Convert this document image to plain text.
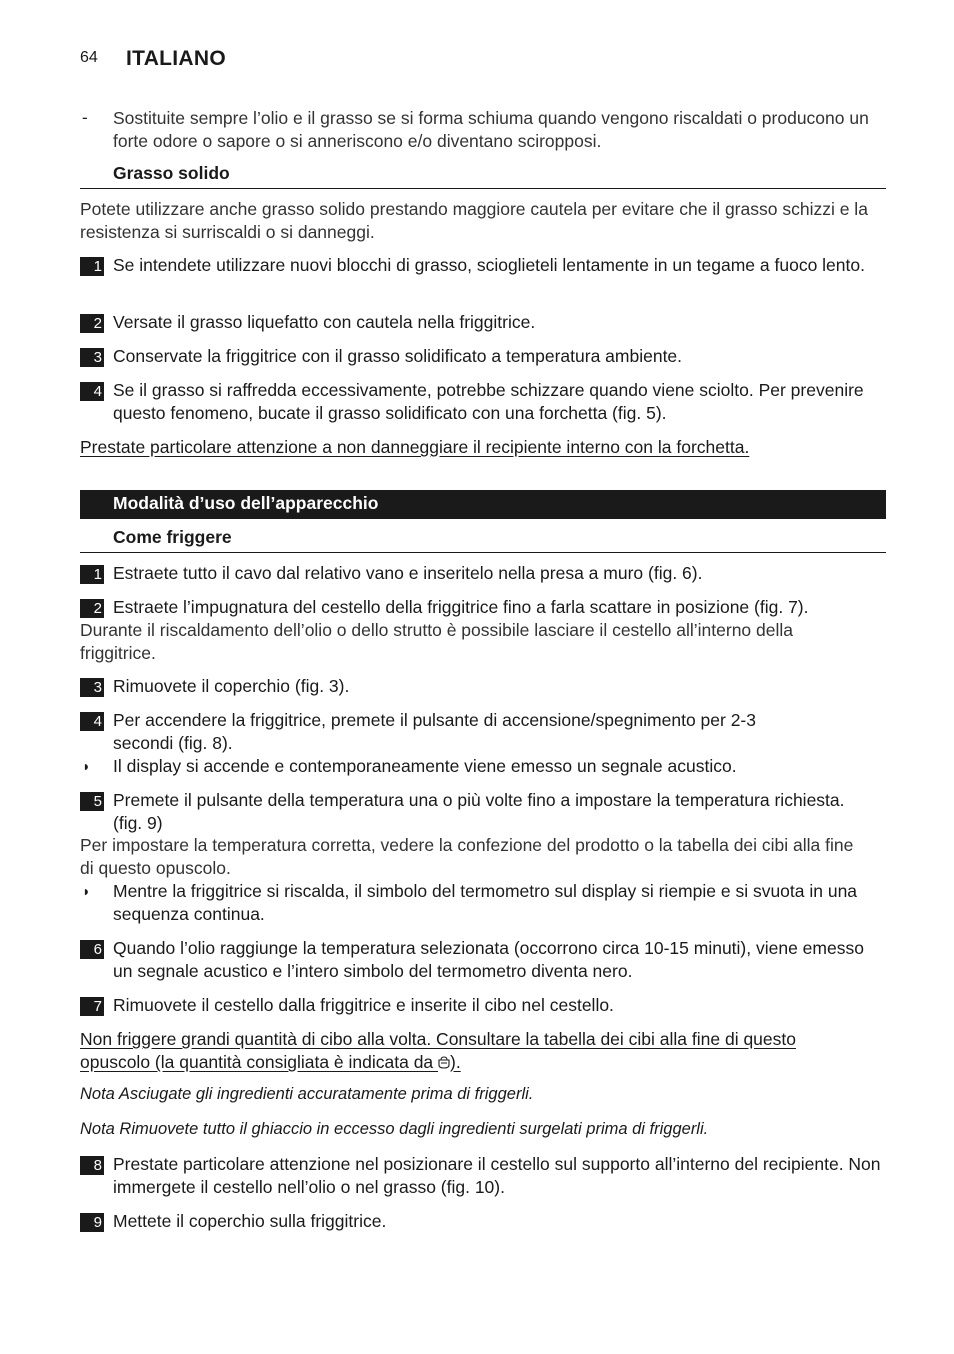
64 ITALIANO
- Sostituite sempre l’olio e il grasso se si forma schiuma quando vengono riscaldati o producono un forte odore o sapore o si anneriscono e/o diventano sciropposi.
Grasso solido
Potete utilizzare anche grasso solido prestando maggiore cautela per evitare che il grasso schizzi e la resistenza si surriscaldi o si danneggi.
1 Se intendete utilizzare nuovi blocchi di grasso, scioglieteli lentamente in un tegame a fuoco lento.
2 Versate il grasso liquefatto con cautela nella friggitrice.
3 Conservate la friggitrice con il grasso solidificato a temperatura ambiente.
4 Se il grasso si raffredda eccessivamente, potrebbe schizzare quando viene sciolto. Per prevenire questo fenomeno, bucate il grasso solidificato con una forchetta (fig. 5).
Prestate particolare attenzione a non danneggiare il recipiente interno con la forchetta.
Modalità d’uso dell’apparecchio
Come friggere
1 Estraete tutto il cavo dal relativo vano e inseritelo nella presa a muro (fig. 6).
2 Estraete l’impugnatura del cestello della friggitrice fino a farla scattare in posizione (fig. 7).
Durante il riscaldamento dell’olio o dello strutto è possibile lasciare il cestello all’interno della friggitrice.
3 Rimuovete il coperchio (fig. 3).
4 Per accendere la friggitrice, premete il pulsante di accensione/spegnimento per 2-3 secondi (fig. 8).
◗ Il display si accende e contemporaneamente viene emesso un segnale acustico.
5 Premete il pulsante della temperatura una o più volte fino a impostare la temperatura richiesta. (fig. 9)
Per impostare la temperatura corretta, vedere la confezione del prodotto o la tabella dei cibi alla fine di questo opuscolo.
◗ Mentre la friggitrice si riscalda, il simbolo del termometro sul display si riempie e si svuota in una sequenza continua.
6 Quando l’olio raggiunge la temperatura selezionata (occorrono circa 10-15 minuti), viene emesso un segnale acustico e l’intero simbolo del termometro diventa nero.
7 Rimuovete il cestello dalla friggitrice e inserite il cibo nel cestello.
Non friggere grandi quantità di cibo alla volta. Consultare la tabella dei cibi alla fine di questo
opuscolo (la quantità consigliata è indicata da ).
Nota Asciugate gli ingredienti accuratamente prima di friggerli.
Nota Rimuovete tutto il ghiaccio in eccesso dagli ingredienti surgelati prima di friggerli.
8 Prestate particolare attenzione nel posizionare il cestello sul supporto all’interno del recipiente. Non immergete il cestello nell’olio o nel grasso (fig. 10).
9 Mettete il coperchio sulla friggitrice.
